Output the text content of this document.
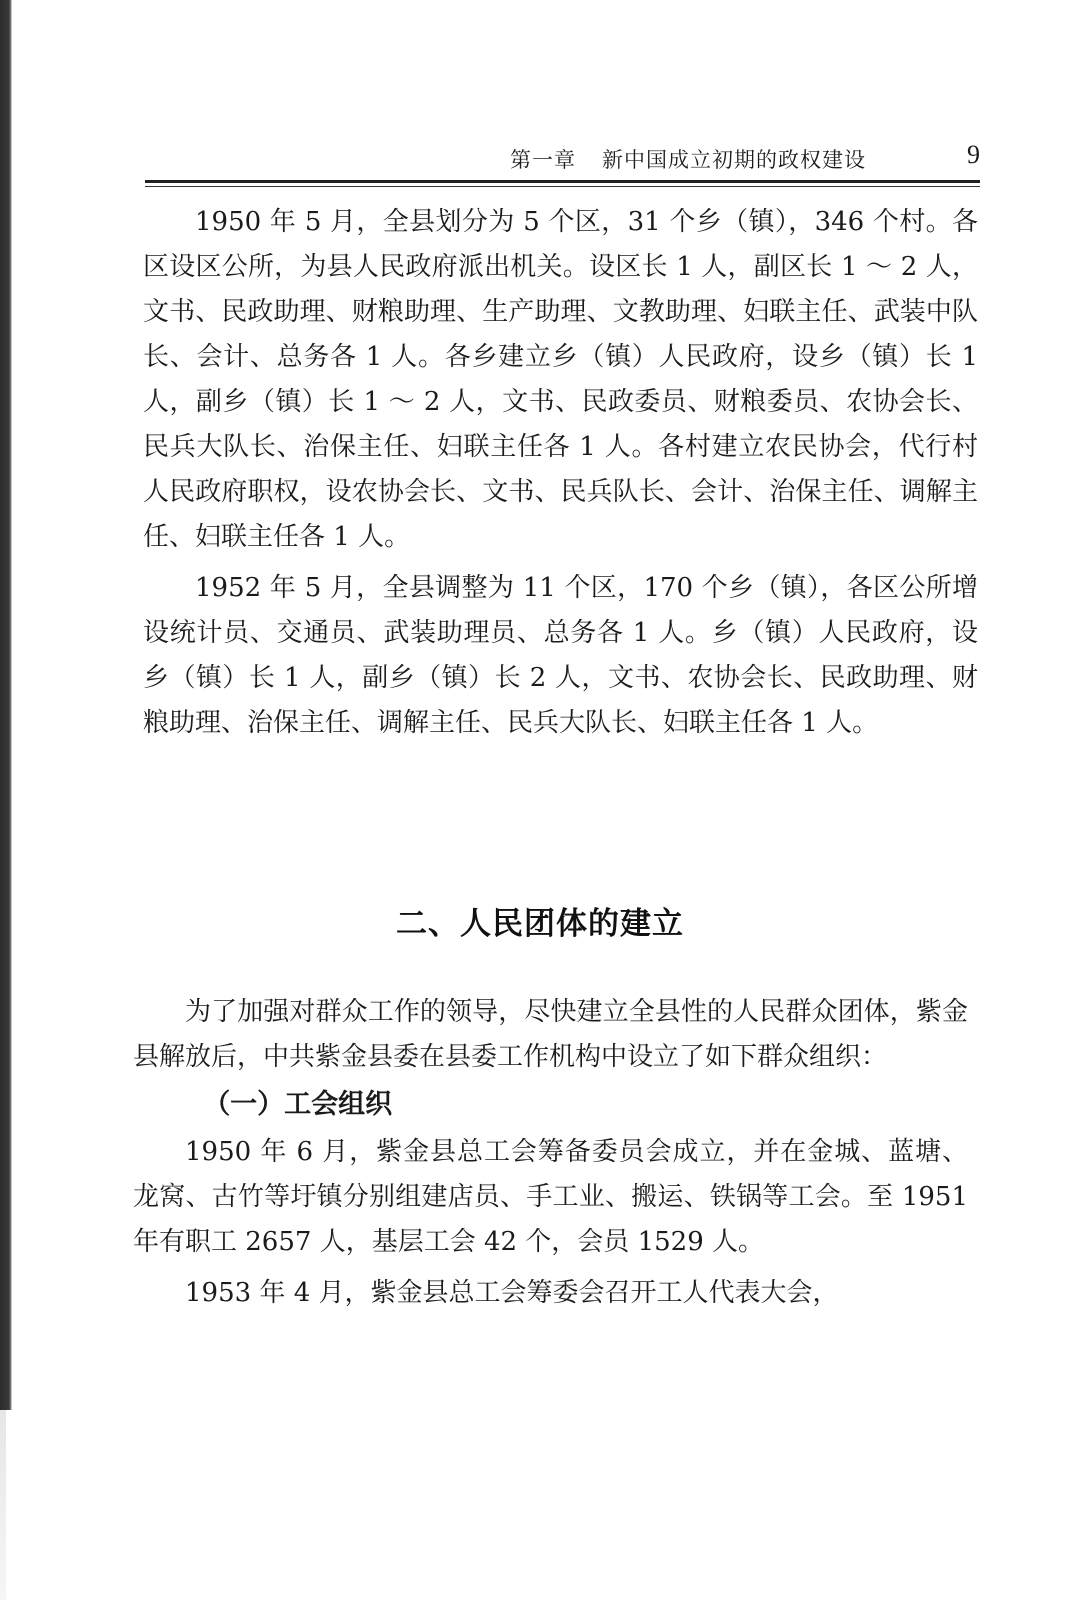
第一章 新中国成立初期的政权建设	9

1950 年 5 月，全县划分为 5 个区，31 个乡（镇），346 个村。各区设区公所，为县人民政府派出机关。设区长 1 人，副区长 1 ～ 2 人，文书、民政助理、财粮助理、生产助理、文教助理、妇联主任、武装中队长、会计、总务各 1 人。各乡建立乡（镇）人民政府，设乡（镇）长 1 人，副乡（镇）长 1 ～ 2 人，文书、民政委员、财粮委员、农协会长、民兵大队长、治保主任、妇联主任各 1 人。各村建立农民协会，代行村人民政府职权，设农协会长、文书、民兵队长、会计、治保主任、调解主任、妇联主任各 1 人。

1952 年 5 月，全县调整为 11 个区，170 个乡（镇），各区公所增设统计员、交通员、武装助理员、总务各 1 人。乡（镇）人民政府，设乡（镇）长 1 人，副乡（镇）长 2 人，文书、农协会长、民政助理、财粮助理、治保主任、调解主任、民兵大队长、妇联主任各 1 人。

二、人民团体的建立

为了加强对群众工作的领导，尽快建立全县性的人民群众团体，紫金县解放后，中共紫金县委在县委工作机构中设立了如下群众组织：

（一）工会组织

1950 年 6 月，紫金县总工会筹备委员会成立，并在金城、蓝塘、龙窝、古竹等圩镇分别组建店员、手工业、搬运、铁锅等工会。至 1951 年有职工 2657 人，基层工会 42 个，会员 1529 人。

1953 年 4 月，紫金县总工会筹委会召开工人代表大会，
